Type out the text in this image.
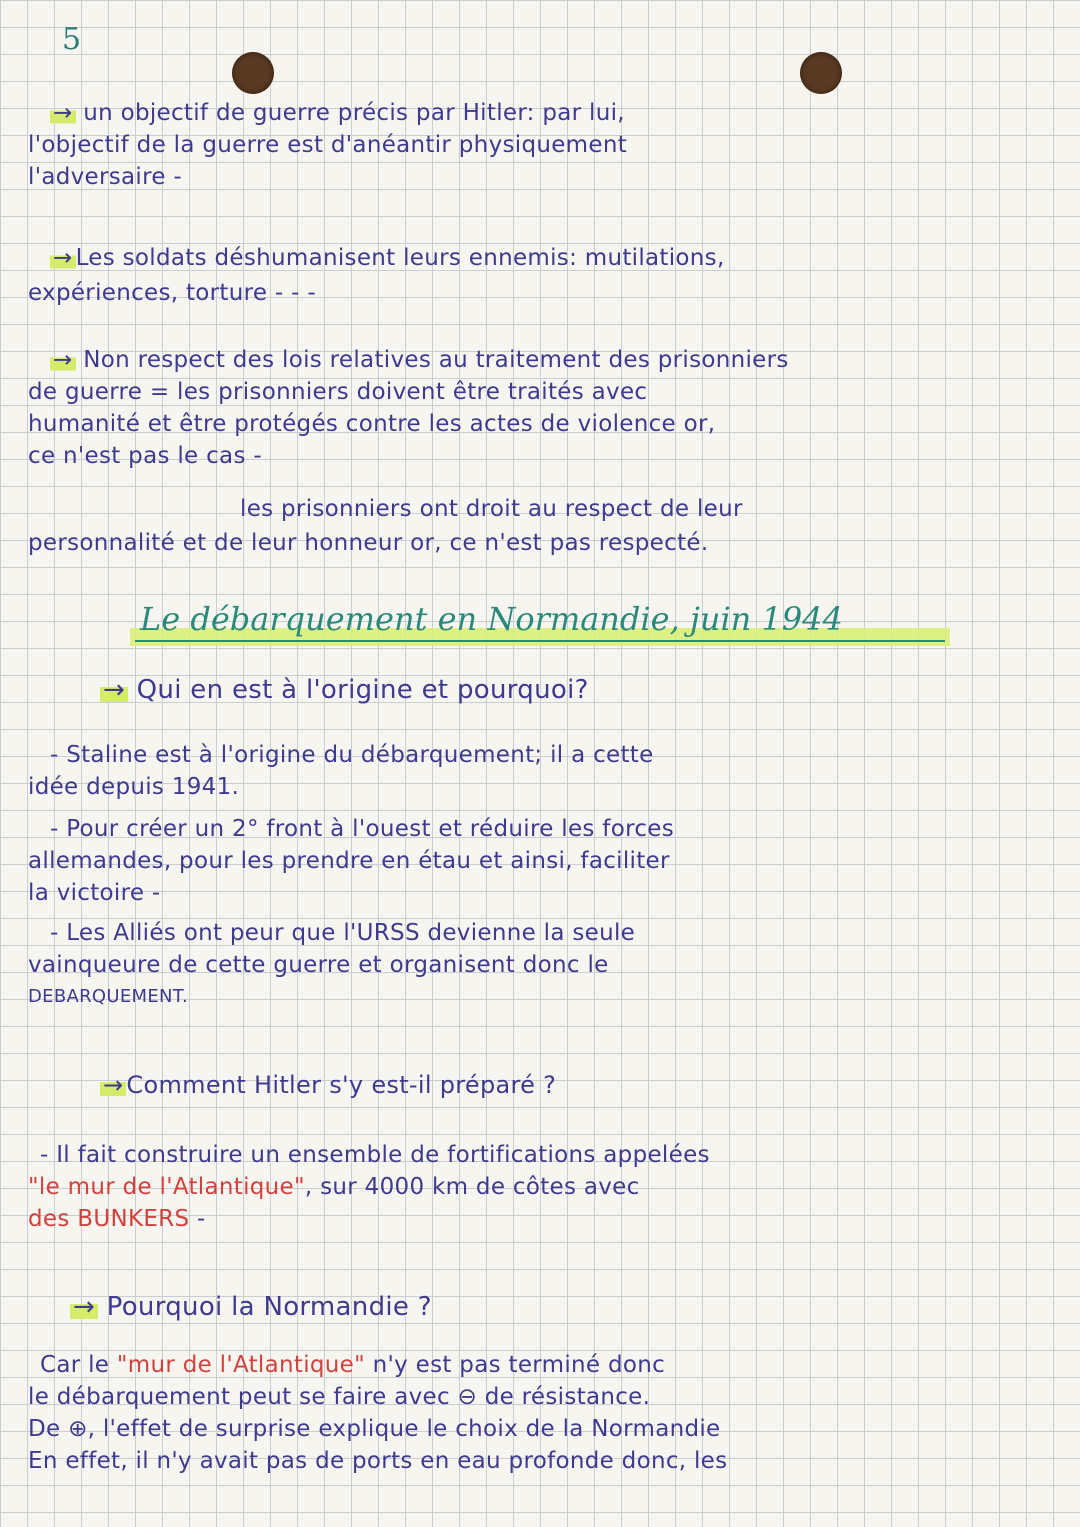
5
→ un objectif de guerre précis par Hitler: par lui,
l'objectif de la guerre est d'anéantir physiquement
l'adversaire -
→ Les soldats déshumanisent leurs ennemis: mutilations,
expériences, torture - - -
→ Non respect des lois relatives au traitement des prisonniers
de guerre = les prisonniers doivent être traités avec
humanité et être protégés contre les actes de violence or,
ce n'est pas le cas -
les prisonniers ont droit au respect de leur
personnalité et de leur honneur or, ce n'est pas respecté.
Le débarquement en Normandie, juin 1944
→ Qui en est à l'origine et pourquoi?
- Staline est à l'origine du débarquement; il a cette
idée depuis 1941.
- Pour créer un 2° front à l'ouest et réduire les forces
allemandes, pour les prendre en étau et ainsi, faciliter
la victoire -
- Les Alliés ont peur que l'URSS devienne la seule
vainqueure de cette guerre et organisent donc le
DEBARQUEMENT.
→ Comment Hitler s'y est-il préparé ?
- Il fait construire un ensemble de fortifications appelées
"le mur de l'Atlantique", sur 4000 km de côtes avec
des BUNKERS -
→ Pourquoi la Normandie ?
Car le "mur de l'Atlantique" n'y est pas terminé donc
le débarquement peut se faire avec ⊖ de résistance.
De ⊕, l'effet de surprise explique le choix de la Normandie
En effet, il n'y avait pas de ports en eau profonde donc, les
